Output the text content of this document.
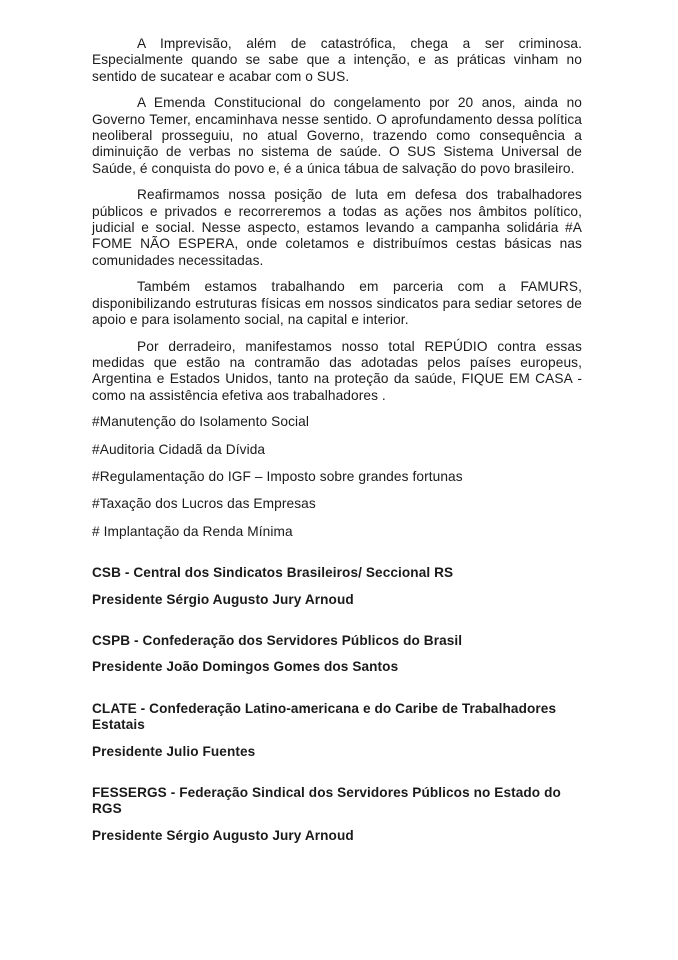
A Imprevisão, além de catastrófica, chega a ser criminosa. Especialmente quando se sabe que a intenção, e as práticas vinham no sentido de sucatear e acabar com o SUS.

A Emenda Constitucional do congelamento por 20 anos, ainda no Governo Temer, encaminhava nesse sentido. O aprofundamento dessa política neoliberal prosseguiu, no atual Governo, trazendo como consequência a diminuição de verbas no sistema de saúde. O SUS Sistema Universal de Saúde, é conquista do povo e, é a única tábua de salvação do povo brasileiro.

Reafirmamos nossa posição de luta em defesa dos trabalhadores públicos e privados e recorreremos a todas as ações nos âmbitos político, judicial e social. Nesse aspecto, estamos levando a campanha solidária #A FOME NÃO ESPERA, onde coletamos e distribuímos cestas básicas nas comunidades necessitadas.

Também estamos trabalhando em parceria com a FAMURS, disponibilizando estruturas físicas em nossos sindicatos para sediar setores de apoio e para isolamento social, na capital e interior.

Por derradeiro, manifestamos nosso total REPÚDIO contra essas medidas que estão na contramão das adotadas pelos países europeus, Argentina e Estados Unidos, tanto na proteção da saúde, FIQUE EM CASA - como na assistência efetiva aos trabalhadores .

#Manutenção do Isolamento Social

#Auditoria Cidadã da Dívida

#Regulamentação do IGF – Imposto sobre grandes fortunas

#Taxação dos Lucros das Empresas

# Implantação da Renda Mínima

CSB - Central dos Sindicatos Brasileiros/ Seccional RS

Presidente Sérgio Augusto Jury Arnoud

CSPB - Confederação dos Servidores Públicos do Brasil

Presidente João Domingos Gomes dos Santos

CLATE - Confederação Latino-americana e do Caribe de Trabalhadores Estatais

Presidente Julio Fuentes

FESSERGS - Federação Sindical dos Servidores Públicos no Estado do RGS

Presidente Sérgio Augusto Jury Arnoud
